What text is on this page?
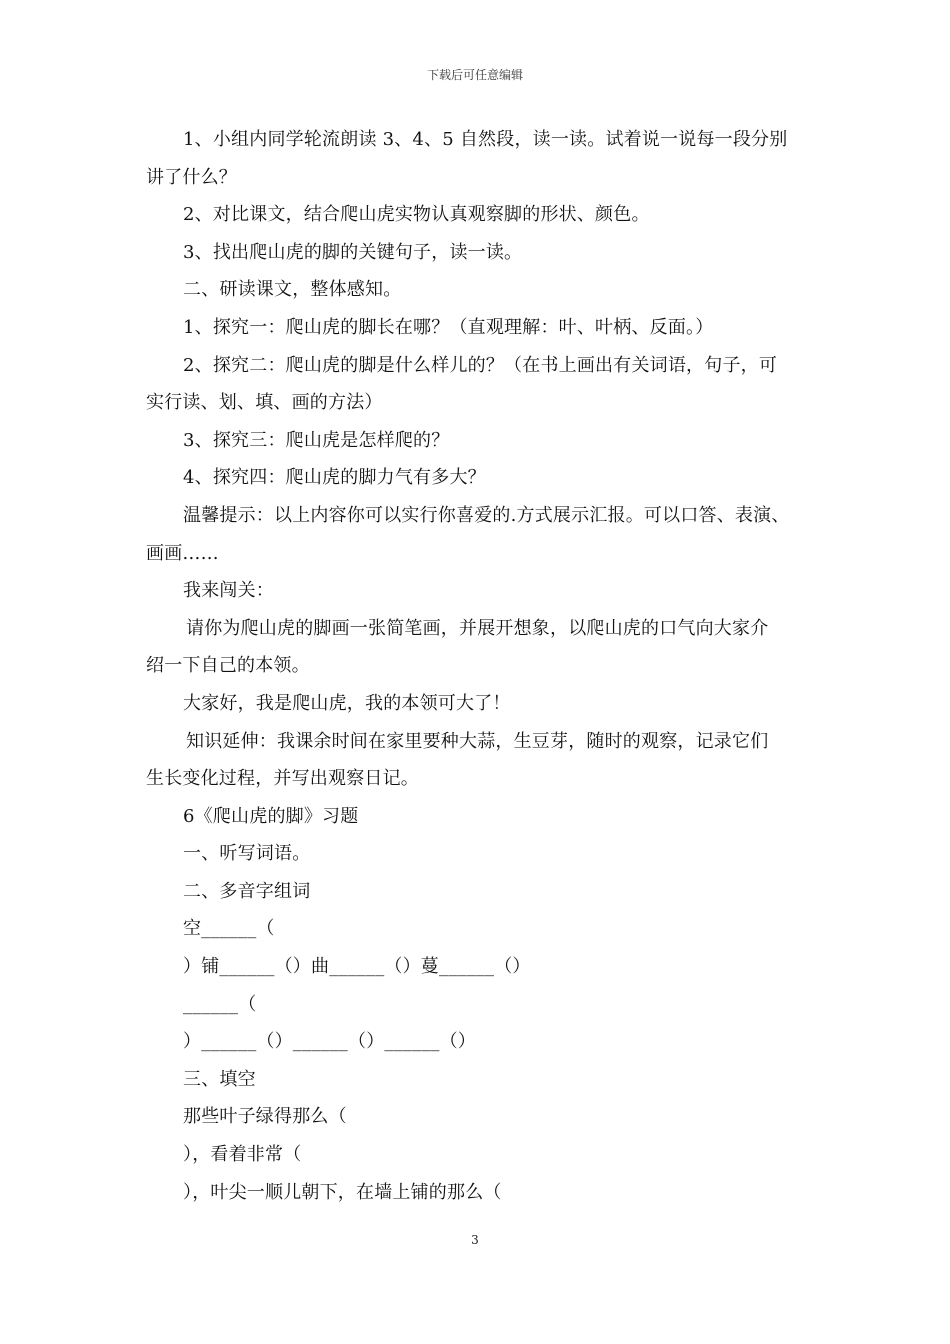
下载后可任意编辑

1、小组内同学轮流朗读 3、4、5 自然段，读一读。试着说一说每一段分别

讲了什么？

2、对比课文，结合爬山虎实物认真观察脚的形状、颜色。

3、找出爬山虎的脚的关键句子，读一读。

二、研读课文，整体感知。

1、探究一：爬山虎的脚长在哪？（直观理解：叶、叶柄、反面。）

2、探究二：爬山虎的脚是什么样儿的？（在书上画出有关词语，句子，可

实行读、划、填、画的方法）

3、探究三：爬山虎是怎样爬的？

4、探究四：爬山虎的脚力气有多大？

温馨提示：以上内容你可以实行你喜爱的.方式展示汇报。可以口答、表演、

画画……

我来闯关：

请你为爬山虎的脚画一张简笔画，并展开想象，以爬山虎的口气向大家介

绍一下自己的本领。

大家好，我是爬山虎，我的本领可大了！

知识延伸：我课余时间在家里要种大蒜，生豆芽，随时的观察，记录它们

生长变化过程，并写出观察日记。

6《爬山虎的脚》习题

一、听写词语。

二、多音字组词

空______（

）铺______（）曲______（）蔓______（）

______（

）______（）______（）______（）

三、填空

那些叶子绿得那么（

），看着非常（

），叶尖一顺儿朝下，在墙上铺的那么（

3
